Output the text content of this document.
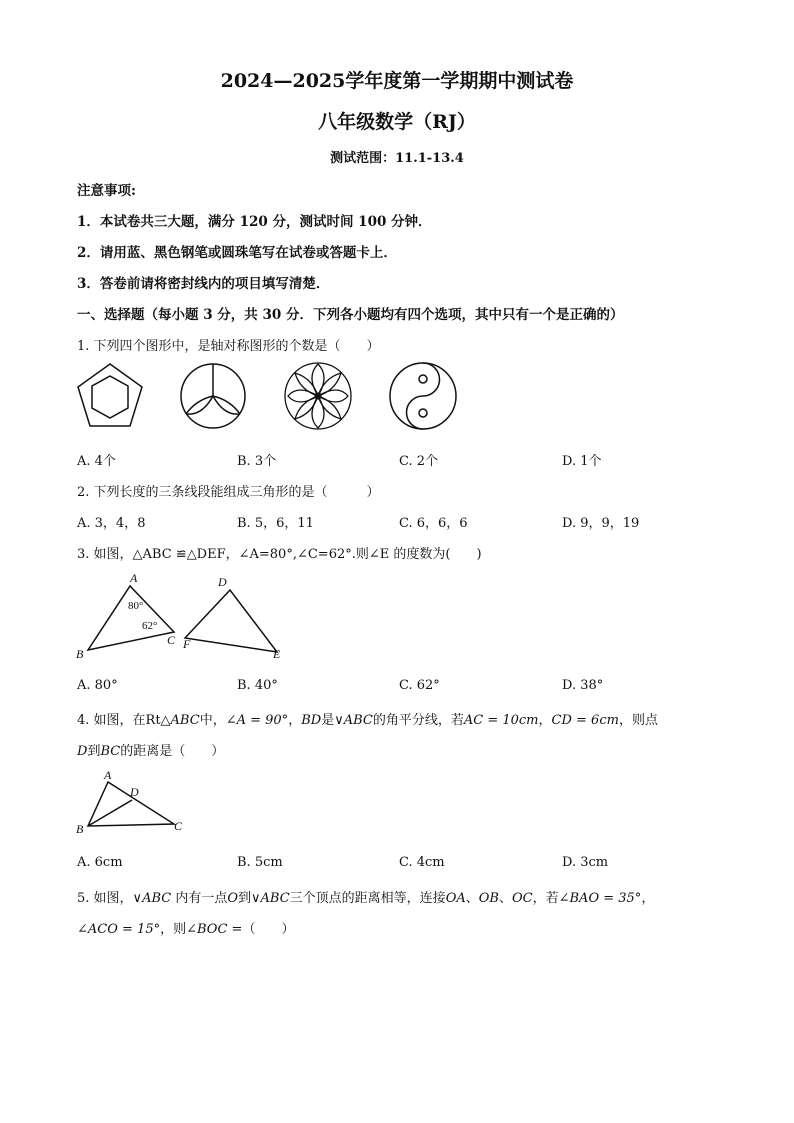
2024—2025学年度第一学期期中测试卷
八年级数学（RJ）
测试范围：11.1-13.4
注意事项:
1．本试卷共三大题，满分 120 分，测试时间 100 分钟．
2．请用蓝、黑色钢笔或圆珠笔写在试卷或答题卡上．
3．答卷前请将密封线内的项目填写清楚．
一、选择题（每小题 3 分，共 30 分．下列各小题均有四个选项，其中只有一个是正确的）
1. 下列四个图形中，是轴对称图形的个数是（　　）
A. 4个	B. 3个	C. 2个	D. 1个
2. 下列长度的三条线段能组成三角形的是（　　　）
A. 3，4，8	B. 5，6，11	C. 6，6，6	D. 9，9，19
3. 如图，△ABC ≌△DEF，∠A=80°,∠C=62°.则∠E 的度数为(　　)
A
B
C
D
E
F
80°
62°
A. 80°	B. 40°	C. 62°	D. 38°
4. 如图，在Rt△ABC中，∠A = 90°，BD是∨ABC的角平分线，若AC = 10cm，CD = 6cm，则点
D到BC的距离是（　　）
A
B	C
D
A. 6cm	B. 5cm	C. 4cm	D. 3cm
5. 如图，∨ABC 内有一点O到∨ABC三个顶点的距离相等，连接OA、OB、OC，若∠BAO = 35°，
∠ACO = 15°，则∠BOC =（　　）
